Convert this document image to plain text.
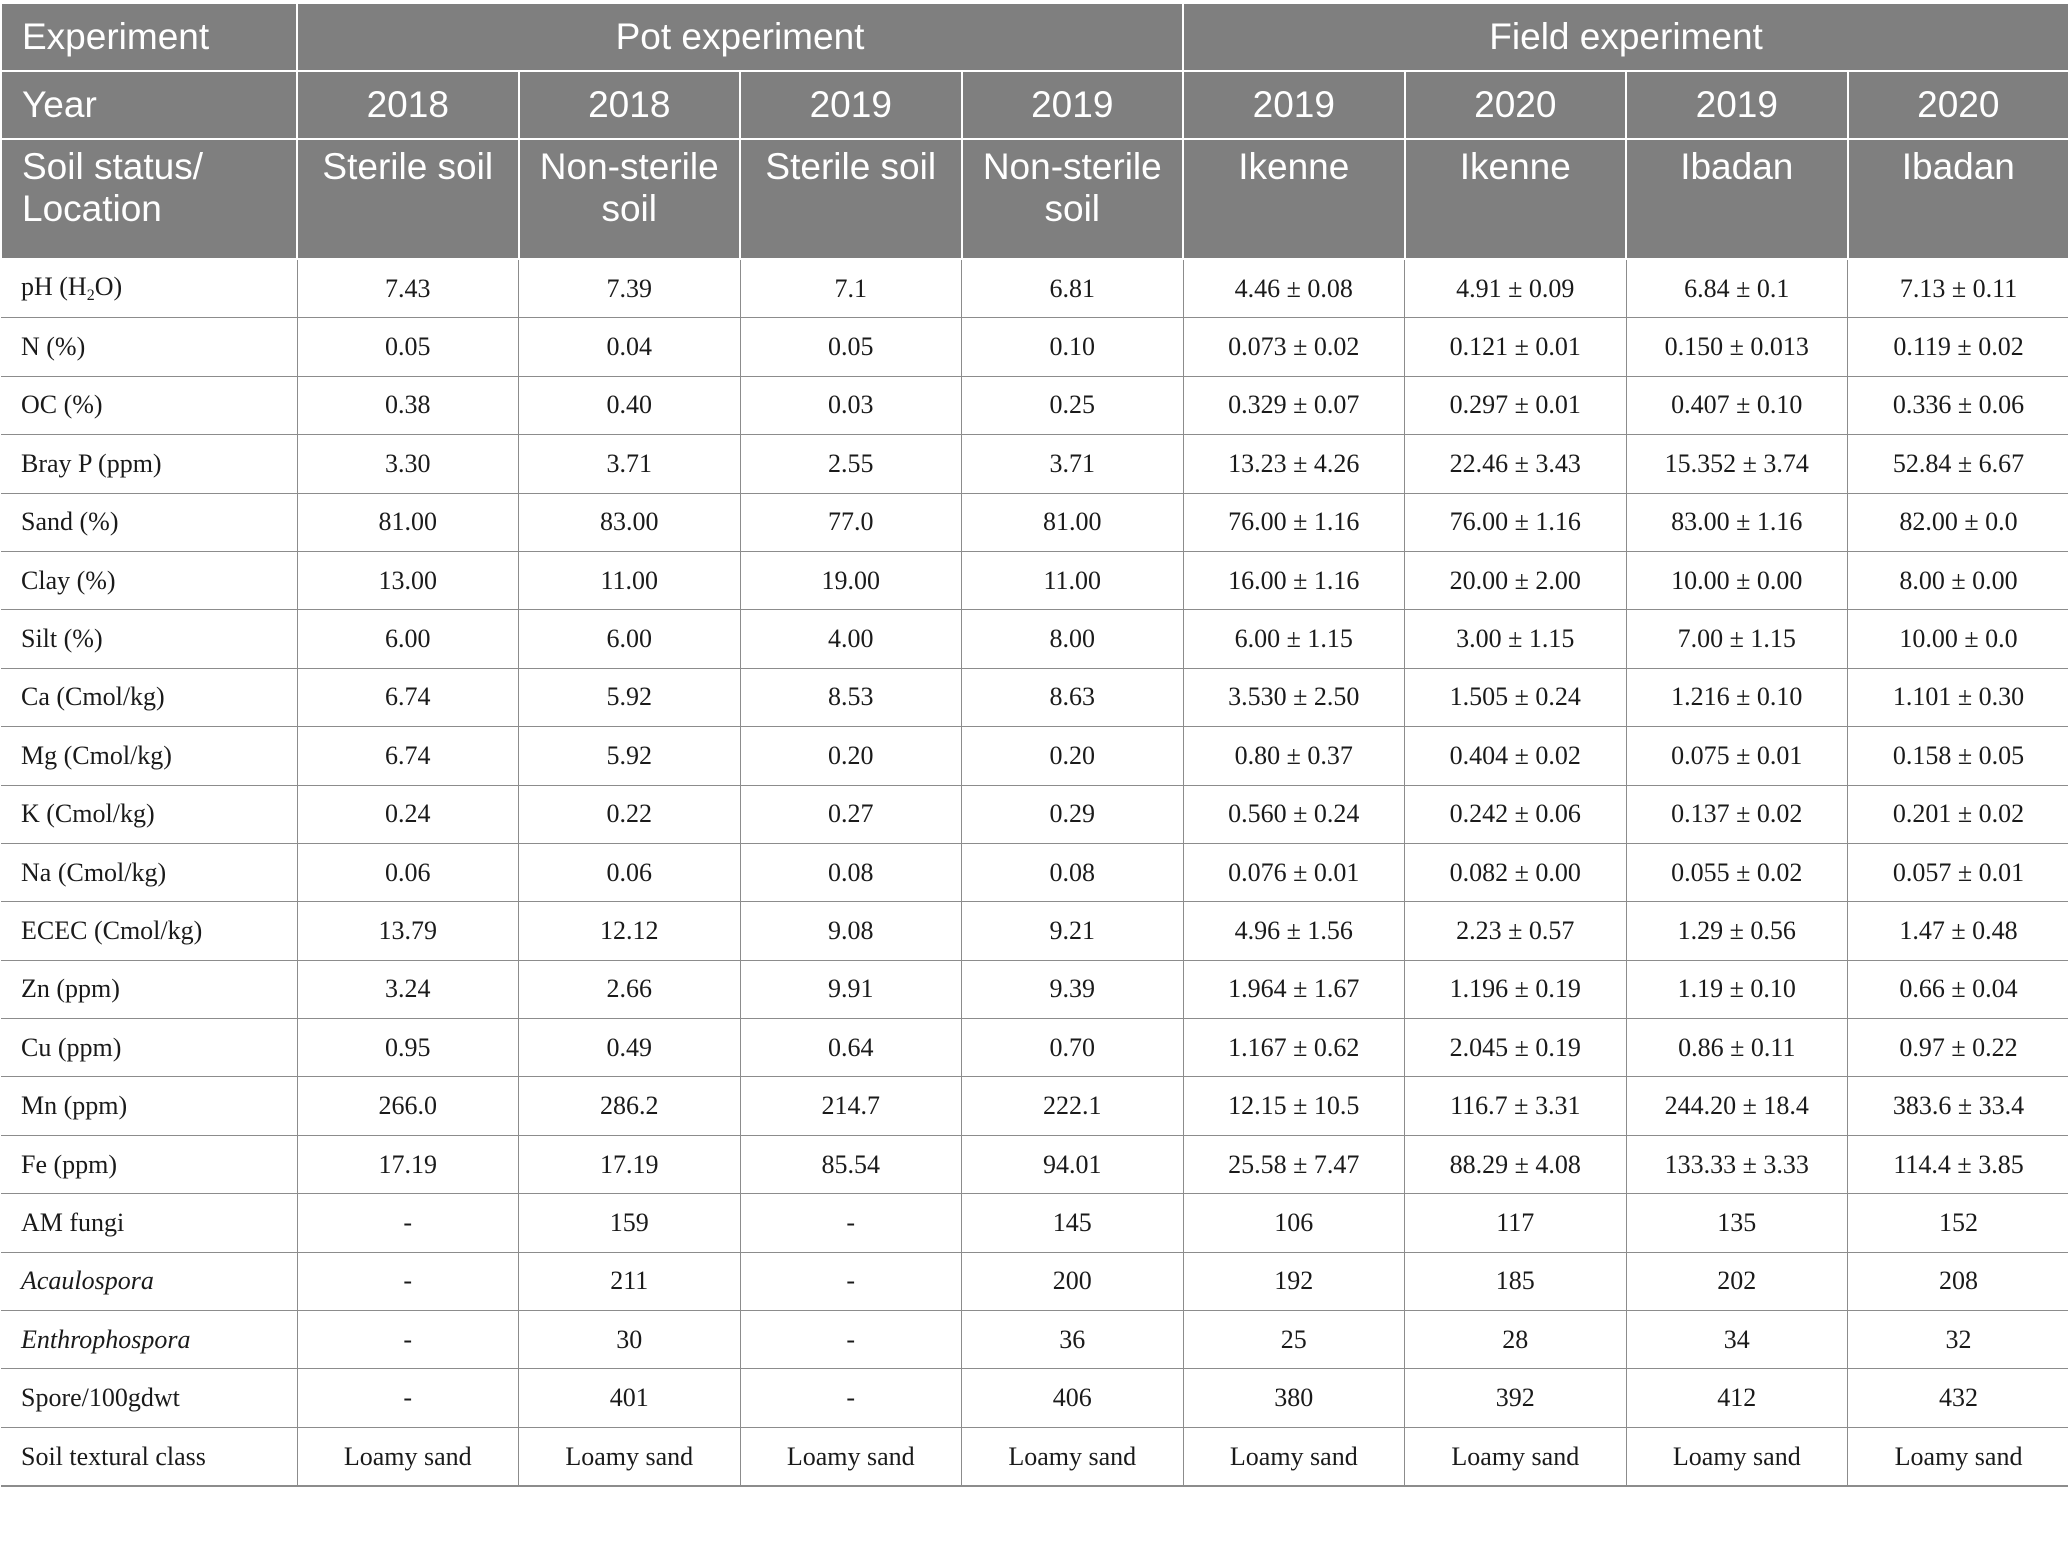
Experiment	Pot experiment				Field experiment			
Year	2018	2018	2019	2019	2019	2020	2019	2020
Soil status/ Location	Sterile soil	Non-sterile soil	Sterile soil	Non-sterile soil	Ikenne	Ikenne	Ibadan	Ibadan
pH $(H_2O)$	7.43	7.39	7.1	6.81	4.46 ± 0.08	4.91 ± 0.09	6.84 ± 0.1	7.13 ± 0.11
N (%)	0.05	0.04	0.05	0.10	0.073 ± 0.02	0.121 ± 0.01	0.150 ± 0.013	0.119 ± 0.02
OC (%)	0.38	0.40	0.03	0.25	0.329 ± 0.07	0.297 ± 0.01	0.407 ± 0.10	0.336 ± 0.06
Bray P (ppm)	3.30	3.71	2.55	3.71	13.23 ± 4.26	22.46 ± 3.43	15.352 ± 3.74	52.84 ± 6.67
Sand (%)	81.00	83.00	77.0	81.00	76.00 ± 1.16	76.00 ± 1.16	83.00 ± 1.16	82.00 ± 0.0
Clay (%)	13.00	11.00	19.00	11.00	16.00 ± 1.16	20.00 ± 2.00	10.00 ± 0.00	8.00 ± 0.00
Silt (%)	6.00	6.00	4.00	8.00	6.00 ± 1.15	3.00 ± 1.15	7.00 ± 1.15	10.00 ± 0.0
Ca (Cmol/kg)	6.74	5.92	8.53	8.63	3.530 ± 2.50	1.505 ± 0.24	1.216 ± 0.10	1.101 ± 0.30
Mg (Cmol/kg)	6.74	5.92	0.20	0.20	0.80 ± 0.37	0.404 ± 0.02	0.075 ± 0.01	0.158 ± 0.05
K (Cmol/kg)	0.24	0.22	0.27	0.29	0.560 ± 0.24	0.242 ± 0.06	0.137 ± 0.02	0.201 ± 0.02
Na (Cmol/kg)	0.06	0.06	0.08	0.08	0.076 ± 0.01	0.082 ± 0.00	0.055 ± 0.02	0.057 ± 0.01
ECEC (Cmol/kg)	13.79	12.12	9.08	9.21	4.96 ± 1.56	2.23 ± 0.57	1.29 ± 0.56	1.47 ± 0.48
Zn (ppm)	3.24	2.66	9.91	9.39	1.964 ± 1.67	1.196 ± 0.19	1.19 ± 0.10	0.66 ± 0.04
Cu (ppm)	0.95	0.49	0.64	0.70	1.167 ± 0.62	2.045 ± 0.19	0.86 ± 0.11	0.97 ± 0.22
Mn (ppm)	266.0	286.2	214.7	222.1	12.15 ± 10.5	116.7 ± 3.31	244.20 ± 18.4	383.6 ± 33.4
Fe (ppm)	17.19	17.19	85.54	94.01	25.58 ± 7.47	88.29 ± 4.08	133.33 ± 3.33	114.4 ± 3.85
AM fungi	-	159	-	145	106	117	135	152
Acaulospora	-	211	-	200	192	185	202	208
Enthrophospora	-	30	-	36	25	28	34	32
Spore/100gdwt	-	401	-	406	380	392	412	432
Soil textural class	Loamy sand	Loamy sand	Loamy sand	Loamy sand	Loamy sand	Loamy sand	Loamy sand	Loamy sand
